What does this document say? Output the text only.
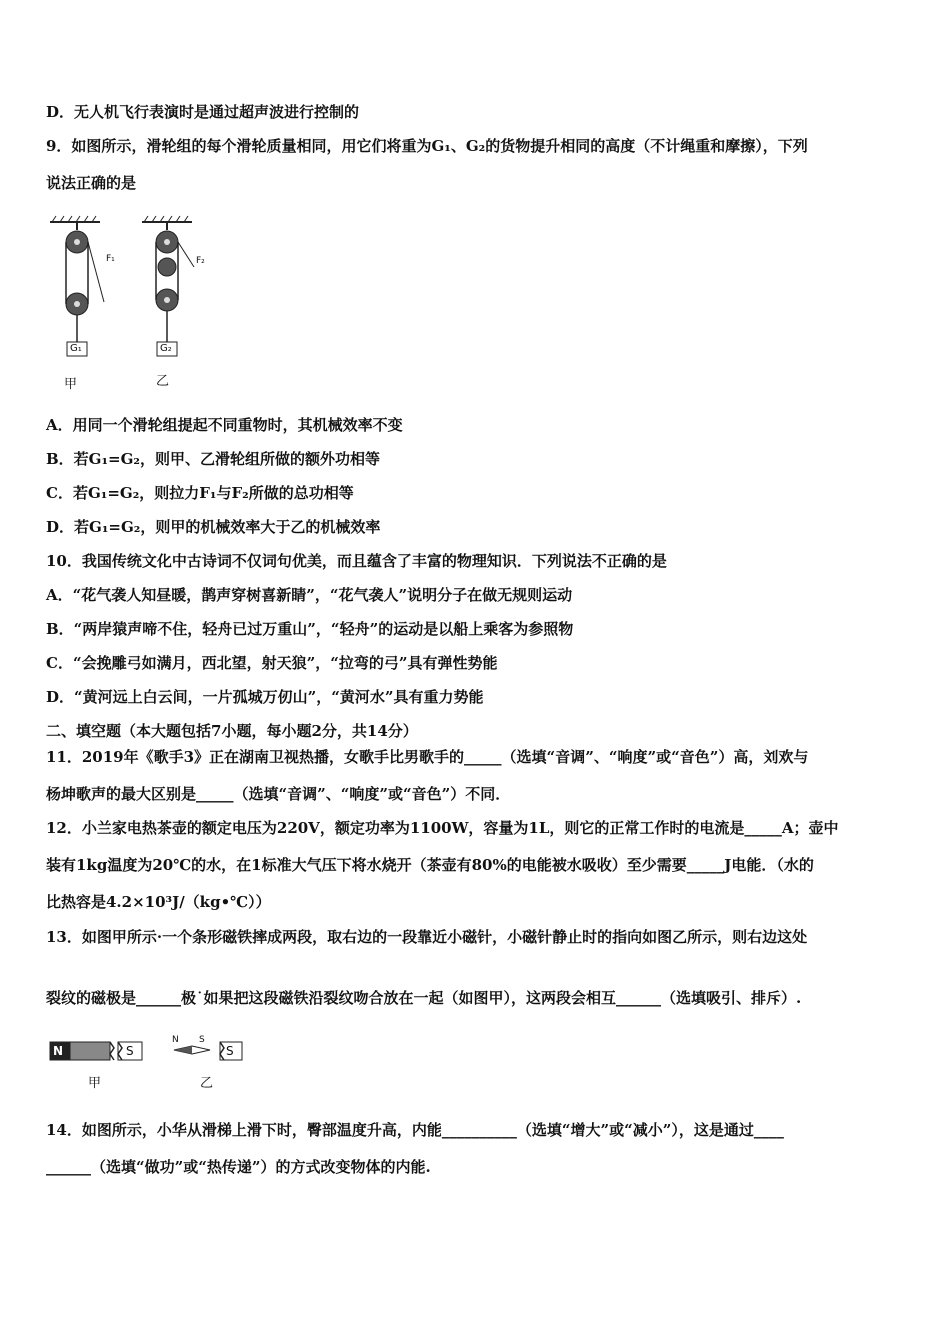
D．无人机飞行表演时是通过超声波进行控制的
9．如图所示，滑轮组的每个滑轮质量相同，用它们将重为G₁、G₂的货物提升相同的高度（不计绳重和摩擦），下列
说法正确的是
F₁	F₂
G₁	G₂
甲	乙
A．用同一个滑轮组提起不同重物时，其机械效率不变
B．若G₁=G₂，则甲、乙滑轮组所做的额外功相等
C．若G₁=G₂，则拉力F₁与F₂所做的总功相等
D．若G₁=G₂，则甲的机械效率大于乙的机械效率
10．我国传统文化中古诗词不仅词句优美，而且蕴含了丰富的物理知识．下列说法不正确的是
A．“花气袭人知昼暖，鹊声穿树喜新睛”，“花气袭人”说明分子在做无规则运动
B．“两岸猿声啼不住，轻舟已过万重山”，“轻舟”的运动是以船上乘客为参照物
C．“会挽雕弓如满月，西北望，射天狼”，“拉弯的弓”具有弹性势能
D．“黄河远上白云间，一片孤城万仞山”，“黄河水”具有重力势能
二、填空题（本大题包括7小题，每小题2分，共14分）
11．2019年《歌手3》正在湖南卫视热播，女歌手比男歌手的_____（选填“音调”、“响度”或“音色”）高，刘欢与
杨坤歌声的最大区别是_____（选填“音调”、“响度”或“音色”）不同．
12．小兰家电热茶壶的额定电压为220V，额定功率为1100W，容量为1L，则它的正常工作时的电流是_____A；壶中
装有1kg温度为20℃的水，在1标准大气压下将水烧开（茶壶有80%的电能被水吸收）至少需要_____J电能．（水的
比热容是4.2×10³J/（kg•℃））
13．如图甲所示·一个条形磁铁摔成两段，取右边的一段靠近小磁针，小磁针静止时的指向如图乙所示，则右边这处
裂纹的磁极是______极˙如果把这段磁铁沿裂纹吻合放在一起（如图甲），这两段会相互______（选填吸引、排斥）.
N	S
N S
S
甲	乙
14．如图所示，小华从滑梯上滑下时，臀部温度升高，内能__________（选填“增大”或“减小”），这是通过____
______（选填“做功”或“热传递”）的方式改变物体的内能.
